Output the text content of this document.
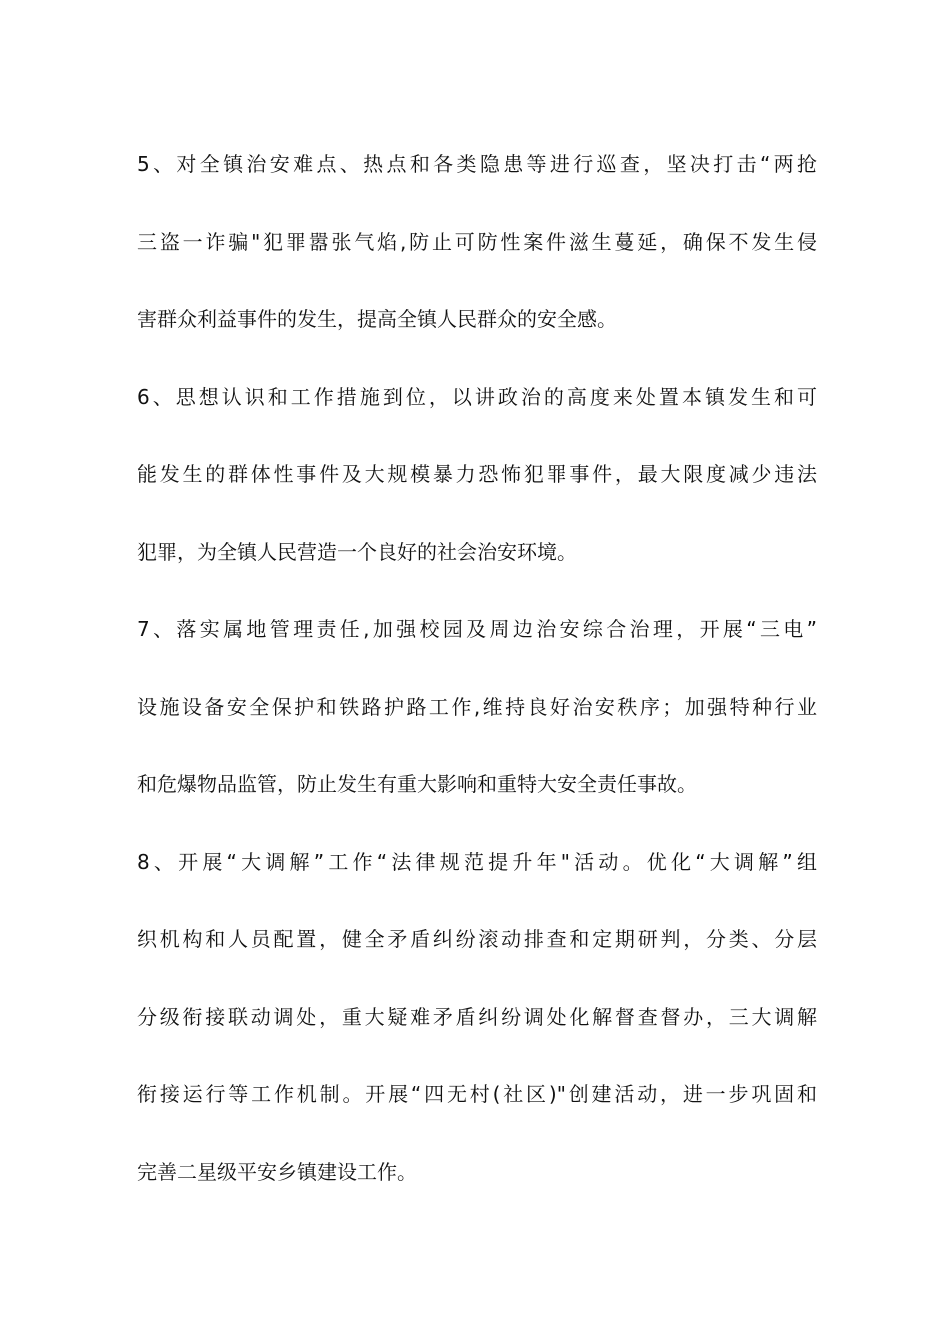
5、对全镇治安难点、热点和各类隐患等进行巡查，坚决打击“两抢
三盗一诈骗"犯罪嚣张气焰,防止可防性案件滋生蔓延，确保不发生侵
害群众利益事件的发生，提高全镇人民群众的安全感。
6、思想认识和工作措施到位，以讲政治的高度来处置本镇发生和可
能发生的群体性事件及大规模暴力恐怖犯罪事件，最大限度减少违法
犯罪，为全镇人民营造一个良好的社会治安环境。
7、落实属地管理责任,加强校园及周边治安综合治理，开展“三电”
设施设备安全保护和铁路护路工作,维持良好治安秩序；加强特种行业
和危爆物品监管，防止发生有重大影响和重特大安全责任事故。
8、开展“大调解”工作“法律规范提升年"活动。优化“大调解”组
织机构和人员配置，健全矛盾纠纷滚动排查和定期研判，分类、分层
分级衔接联动调处，重大疑难矛盾纠纷调处化解督查督办，三大调解
衔接运行等工作机制。开展“四无村(社区)"创建活动，进一步巩固和
完善二星级平安乡镇建设工作。
